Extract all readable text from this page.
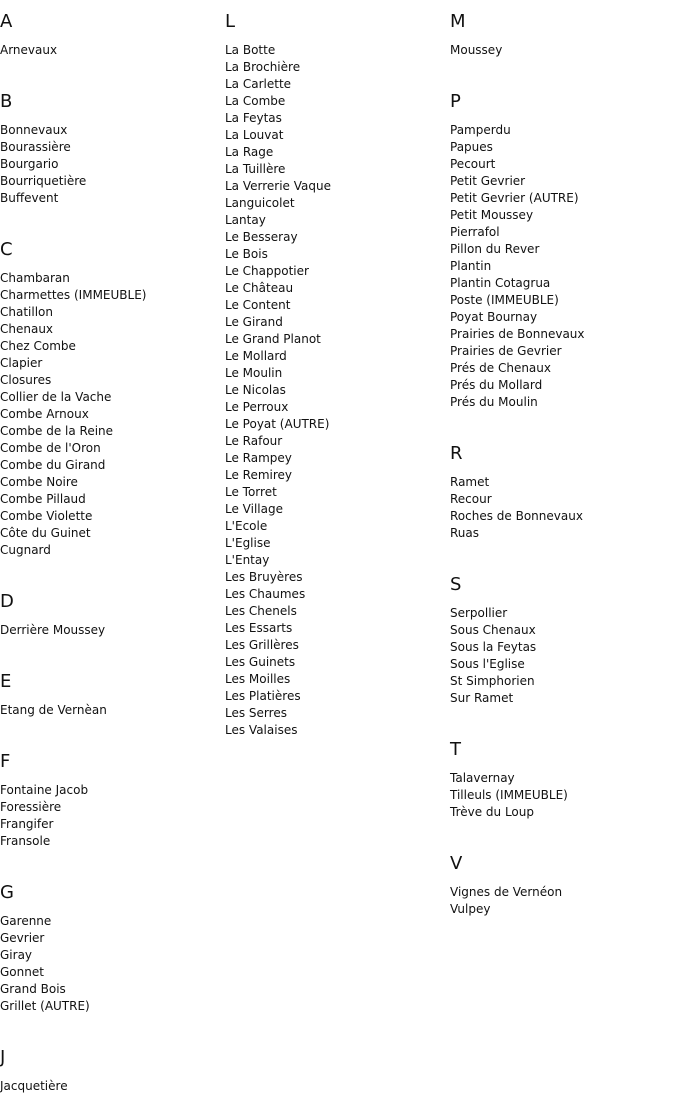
A
Arnevaux
B
Bonnevaux
Bourassière
Bourgario
Bourriquetière
Buffevent
C
Chambaran
Charmettes (IMMEUBLE)
Chatillon
Chenaux
Chez Combe
Clapier
Closures
Collier de la Vache
Combe Arnoux
Combe de la Reine
Combe de l'Oron
Combe du Girand
Combe Noire
Combe Pillaud
Combe Violette
Côte du Guinet
Cugnard
D
Derrière Moussey
E
Etang de Vernèan
F
Fontaine Jacob
Foressière
Frangifer
Fransole
G
Garenne
Gevrier
Giray
Gonnet
Grand Bois
Grillet (AUTRE)
J
Jacquetière
L
La Botte
La Brochière
La Carlette
La Combe
La Feytas
La Louvat
La Rage
La Tuillère
La Verrerie Vaque
Languicolet
Lantay
Le Besseray
Le Bois
Le Chappotier
Le Château
Le Content
Le Girand
Le Grand Planot
Le Mollard
Le Moulin
Le Nicolas
Le Perroux
Le Poyat (AUTRE)
Le Rafour
Le Rampey
Le Remirey
Le Torret
Le Village
L'Ecole
L'Eglise
L'Entay
Les Bruyères
Les Chaumes
Les Chenels
Les Essarts
Les Grillères
Les Guinets
Les Moilles
Les Platières
Les Serres
Les Valaises
M
Moussey
P
Pamperdu
Papues
Pecourt
Petit Gevrier
Petit Gevrier (AUTRE)
Petit Moussey
Pierrafol
Pillon du Rever
Plantin
Plantin Cotagrua
Poste (IMMEUBLE)
Poyat Bournay
Prairies de Bonnevaux
Prairies de Gevrier
Prés de Chenaux
Prés du Mollard
Prés du Moulin
R
Ramet
Recour
Roches de Bonnevaux
Ruas
S
Serpollier
Sous Chenaux
Sous la Feytas
Sous l'Eglise
St Simphorien
Sur Ramet
T
Talavernay
Tilleuls (IMMEUBLE)
Trève du Loup
V
Vignes de Vernéon
Vulpey
